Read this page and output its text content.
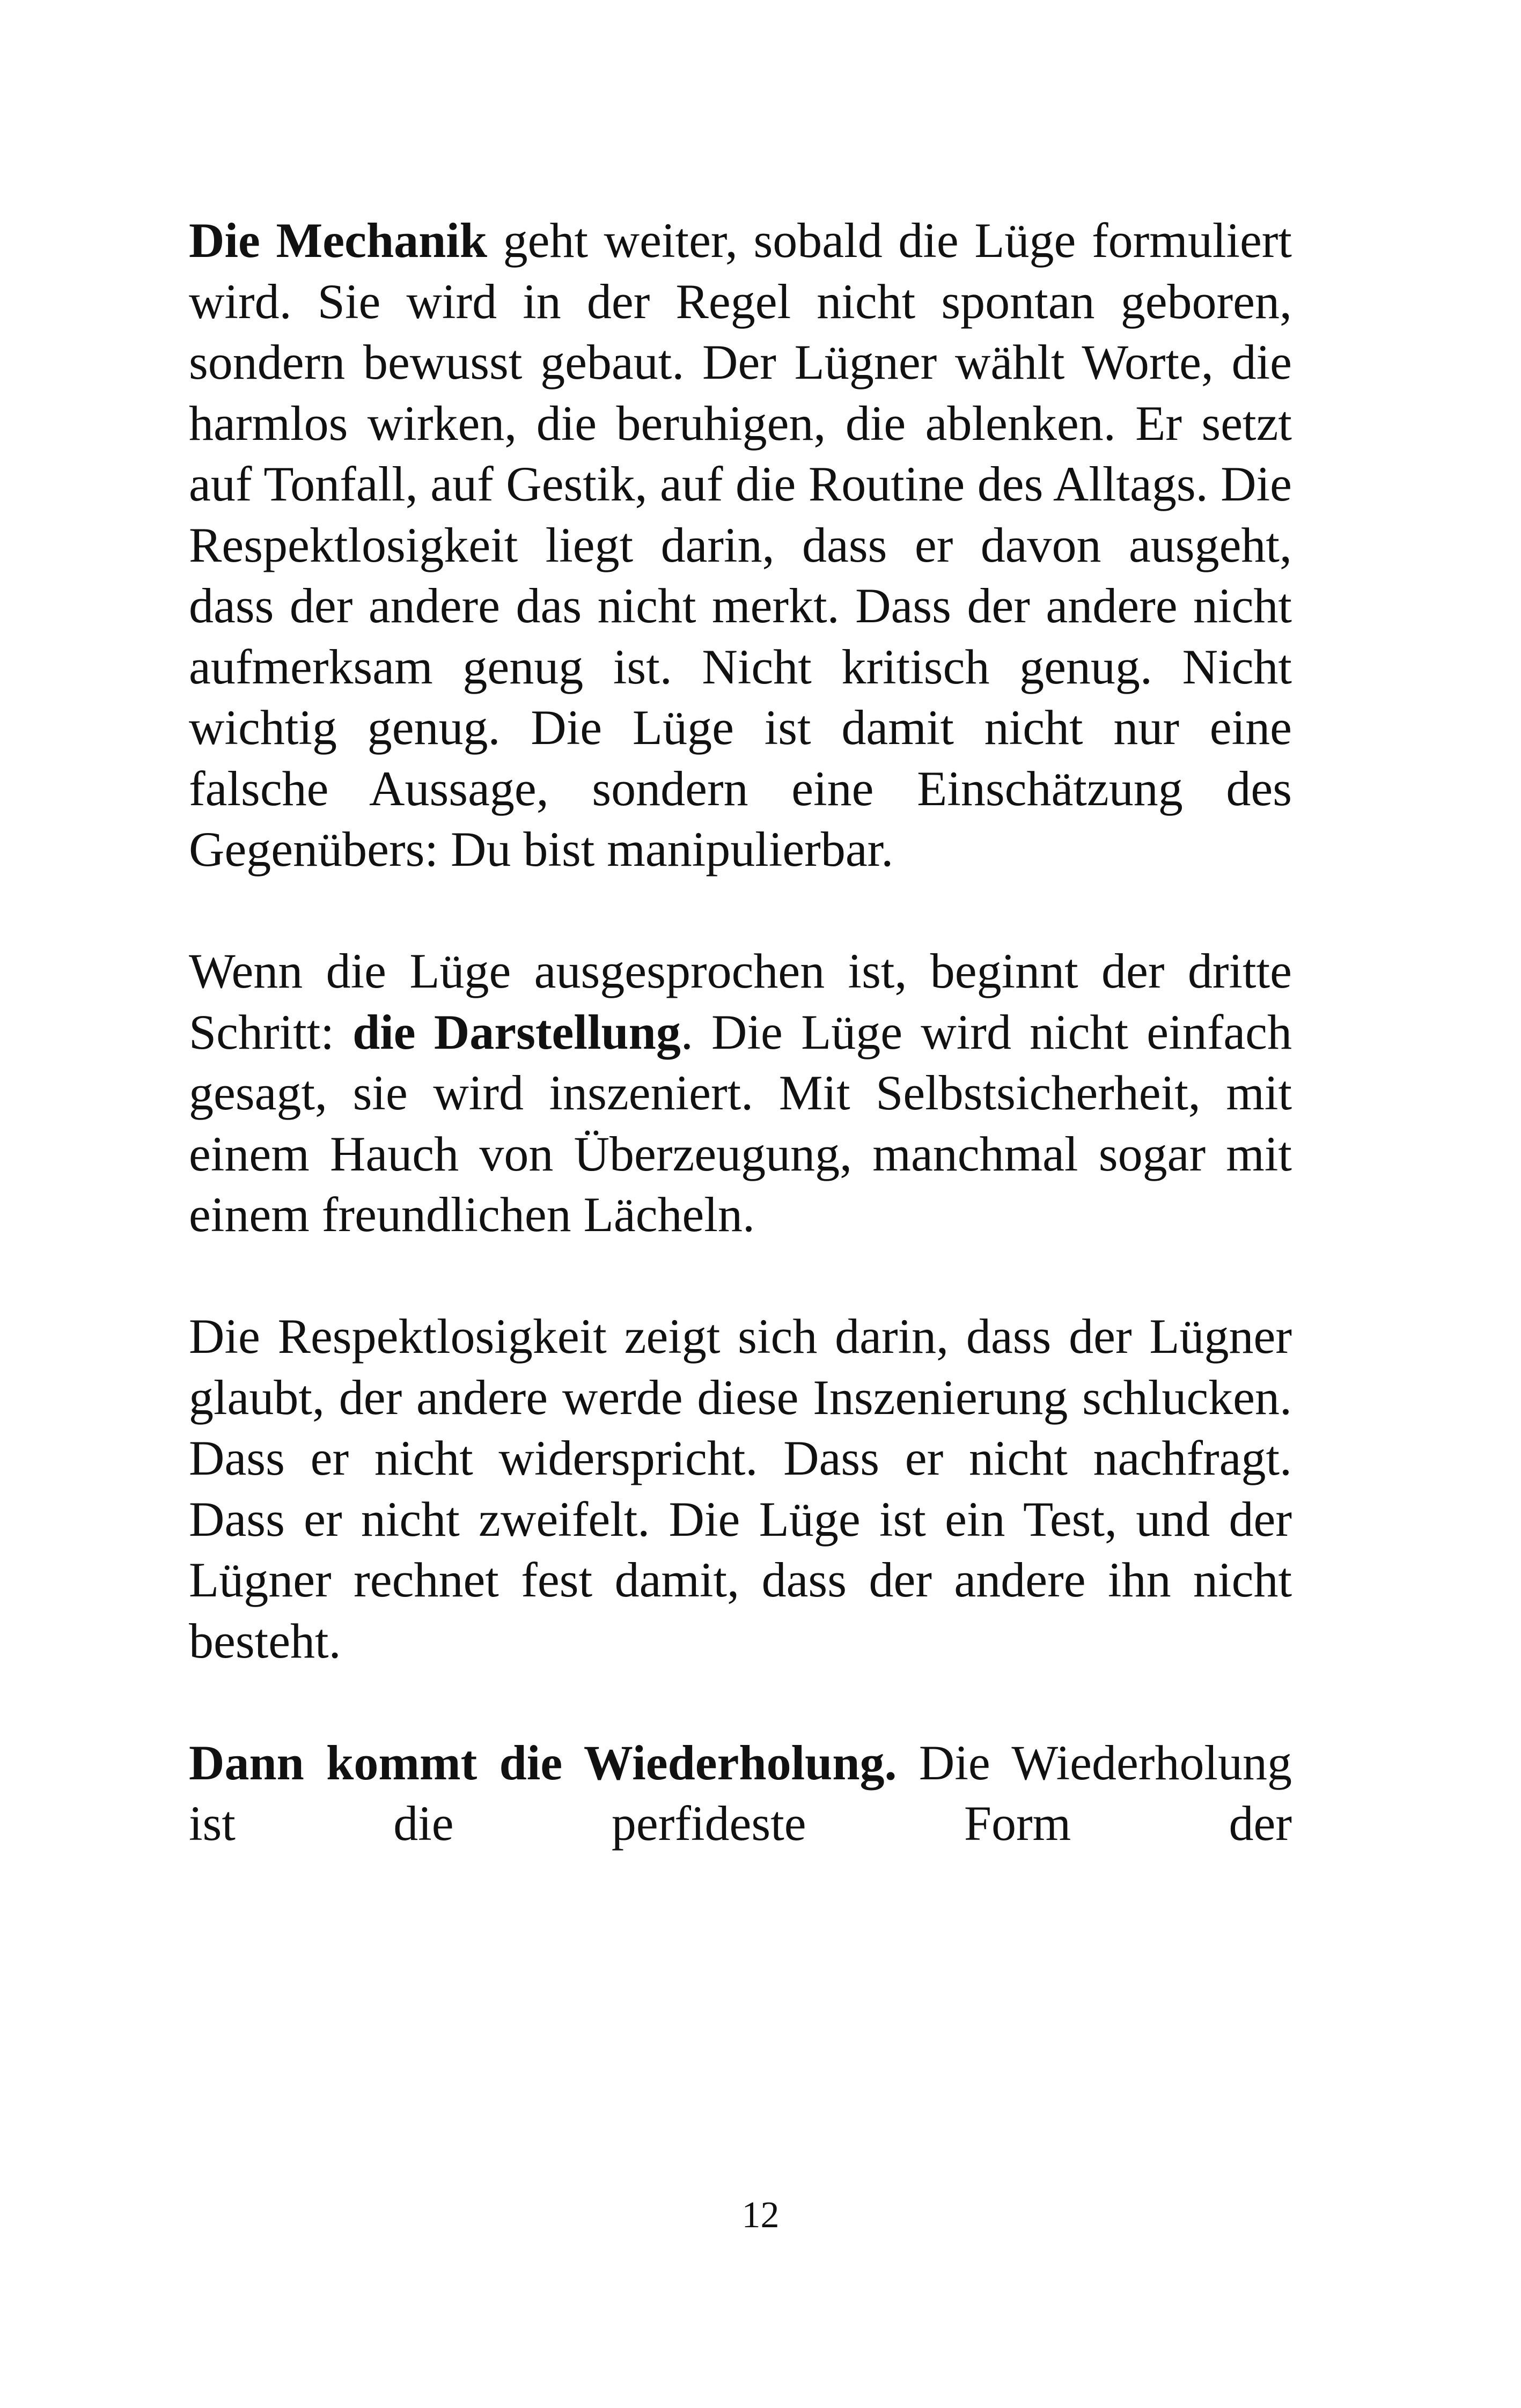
Die Mechanik geht weiter, sobald die Lüge formuliert wird. Sie wird in der Regel nicht spontan geboren, sondern bewusst gebaut. Der Lügner wählt Worte, die harmlos wirken, die beruhigen, die ablenken. Er setzt auf Tonfall, auf Gestik, auf die Routine des Alltags. Die Respektlosigkeit liegt darin, dass er davon ausgeht, dass der andere das nicht merkt. Dass der andere nicht aufmerksam genug ist. Nicht kritisch genug. Nicht wichtig genug. Die Lüge ist damit nicht nur eine falsche Aussage, sondern eine Einschätzung des Gegenübers: Du bist manipulierbar.

Wenn die Lüge ausgesprochen ist, beginnt der dritte Schritt: die Darstellung. Die Lüge wird nicht einfach gesagt, sie wird inszeniert. Mit Selbstsicherheit, mit einem Hauch von Überzeugung, manchmal sogar mit einem freundlichen Lächeln.

Die Respektlosigkeit zeigt sich darin, dass der Lügner glaubt, der andere werde diese Inszenierung schlucken. Dass er nicht widerspricht. Dass er nicht nachfragt. Dass er nicht zweifelt. Die Lüge ist ein Test, und der Lügner rechnet fest damit, dass der andere ihn nicht besteht.

Dann kommt die Wiederholung. Die Wiederholung ist die perfideste Form der

12
